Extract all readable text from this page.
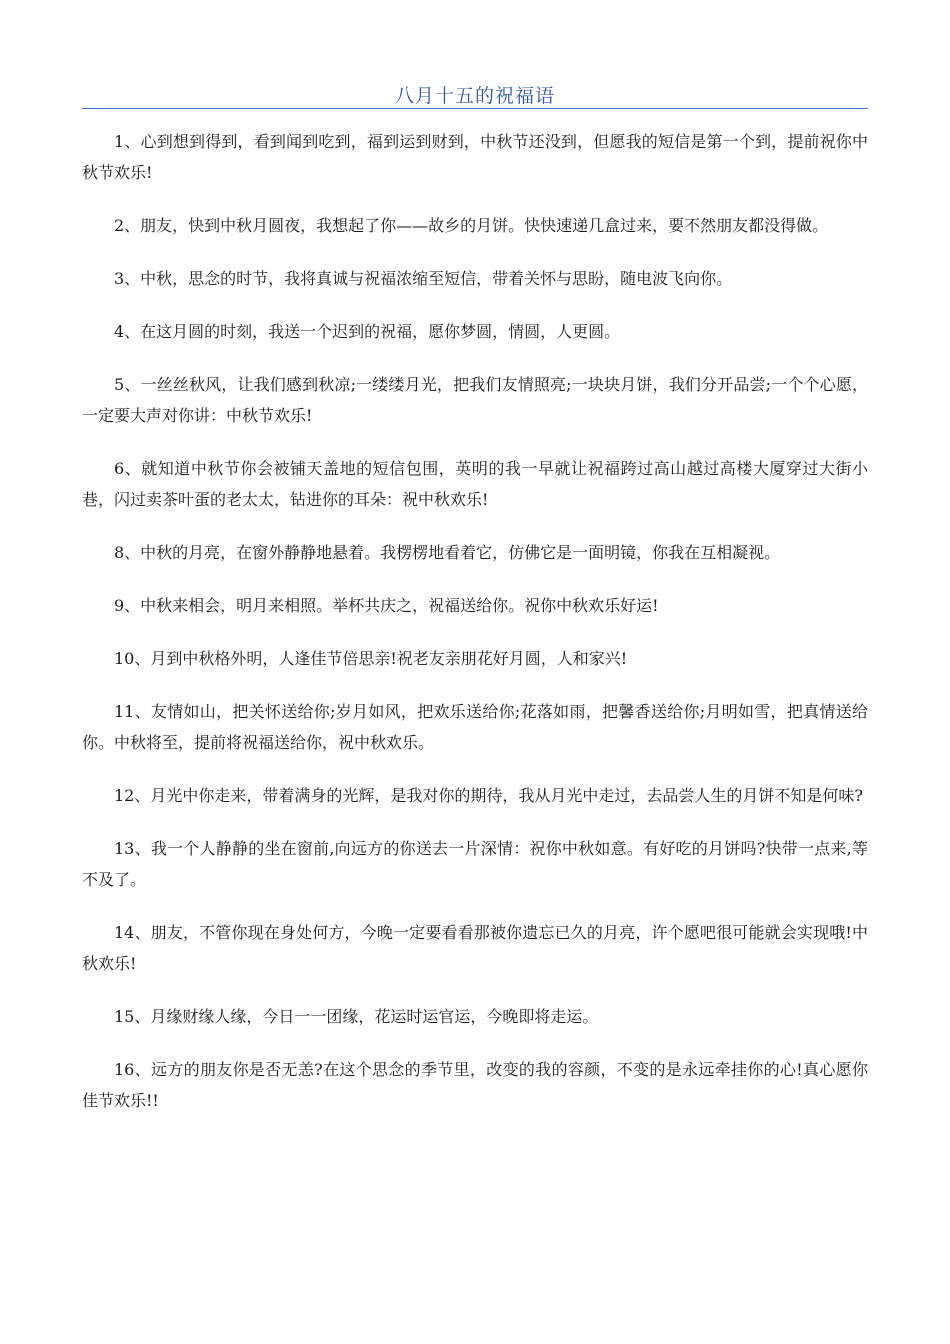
八月十五的祝福语

1、心到想到得到，看到闻到吃到，福到运到财到，中秋节还没到，但愿我的短信是第一个到，提前祝你中秋节欢乐!

2、朋友，快到中秋月圆夜，我想起了你——故乡的月饼。快快速递几盒过来，要不然朋友都没得做。

3、中秋，思念的时节，我将真诚与祝福浓缩至短信，带着关怀与思盼，随电波飞向你。

4、在这月圆的时刻，我送一个迟到的祝福，愿你梦圆，情圆，人更圆。

5、一丝丝秋风，让我们感到秋凉;一缕缕月光，把我们友情照亮;一块块月饼，我们分开品尝;一个个心愿，一定要大声对你讲：中秋节欢乐!

6、就知道中秋节你会被铺天盖地的短信包围，英明的我一早就让祝福跨过高山越过高楼大厦穿过大街小巷，闪过卖茶叶蛋的老太太，钻进你的耳朵：祝中秋欢乐!

8、中秋的月亮，在窗外静静地悬着。我楞楞地看着它，仿佛它是一面明镜，你我在互相凝视。

9、中秋来相会，明月来相照。举杯共庆之，祝福送给你。祝你中秋欢乐好运!

10、月到中秋格外明，人逢佳节倍思亲!祝老友亲朋花好月圆，人和家兴!

11、友情如山，把关怀送给你;岁月如风，把欢乐送给你;花落如雨，把馨香送给你;月明如雪，把真情送给你。中秋将至，提前将祝福送给你，祝中秋欢乐。

12、月光中你走来，带着满身的光辉，是我对你的期待，我从月光中走过，去品尝人生的月饼不知是何味?

13、我一个人静静的坐在窗前,向远方的你送去一片深情：祝你中秋如意。有好吃的月饼吗?快带一点来,等不及了。

14、朋友，不管你现在身处何方，今晚一定要看看那被你遗忘已久的月亮，许个愿吧很可能就会实现哦!中秋欢乐!

15、月缘财缘人缘，今日一一团缘，花运时运官运，今晚即将走运。

16、远方的朋友你是否无恙?在这个思念的季节里，改变的我的容颜，不变的是永远牵挂你的心!真心愿你佳节欢乐!!
